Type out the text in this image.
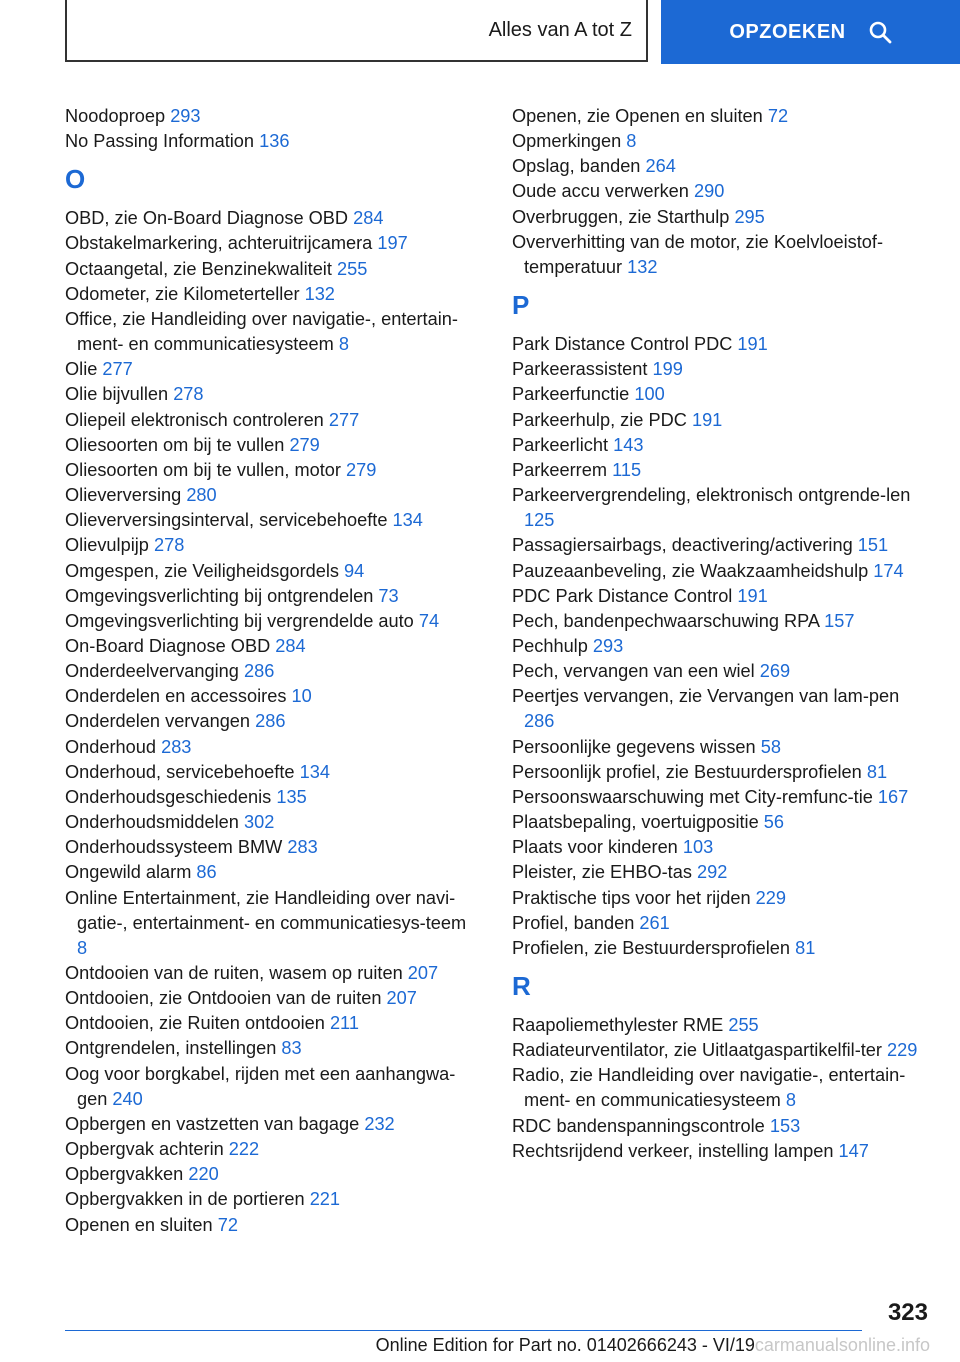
Alles van A tot Z	OPZOEKEN
Noodoproep 293
No Passing Information 136
O
OBD, zie On-Board Diagnose OBD 284
Obstakelmarkering, achteruitrijcamera 197
Octaangetal, zie Benzinekwaliteit 255
Odometer, zie Kilometerteller 132
Office, zie Handleiding over navigatie-, entertain-ment- en communicatiesysteem 8
Olie 277
Olie bijvullen 278
Oliepeil elektronisch controleren 277
Oliesoorten om bij te vullen 279
Oliesoorten om bij te vullen, motor 279
Olieverversing 280
Olieverversingsinterval, servicebehoefte 134
Olievulpijp 278
Omgespen, zie Veiligheidsgordels 94
Omgevingsverlichting bij ontgrendelen 73
Omgevingsverlichting bij vergrendelde auto 74
On-Board Diagnose OBD 284
Onderdeelvervanging 286
Onderdelen en accessoires 10
Onderdelen vervangen 286
Onderhoud 283
Onderhoud, servicebehoefte 134
Onderhoudsgeschiedenis 135
Onderhoudsmiddelen 302
Onderhoudssysteem BMW 283
Ongewild alarm 86
Online Entertainment, zie Handleiding over navi-gatie-, entertainment- en communicatiesys-teem 8
Ontdooien van de ruiten, wasem op ruiten 207
Ontdooien, zie Ontdooien van de ruiten 207
Ontdooien, zie Ruiten ontdooien 211
Ontgrendelen, instellingen 83
Oog voor borgkabel, rijden met een aanhangwa-gen 240
Opbergen en vastzetten van bagage 232
Opbergvak achterin 222
Opbergvakken 220
Opbergvakken in de portieren 221
Openen en sluiten 72
Openen, zie Openen en sluiten 72
Opmerkingen 8
Opslag, banden 264
Oude accu verwerken 290
Overbruggen, zie Starthulp 295
Oververhitting van de motor, zie Koelvloeistof-temperatuur 132
P
Park Distance Control PDC 191
Parkeerassistent 199
Parkeerfunctie 100
Parkeerhulp, zie PDC 191
Parkeerlicht 143
Parkeerrem 115
Parkeervergrendeling, elektronisch ontgrende-len 125
Passagiersairbags, deactivering/activering 151
Pauzeaanbeveling, zie Waakzaamheidshulp 174
PDC Park Distance Control 191
Pech, bandenpechwaarschuwing RPA 157
Pechhulp 293
Pech, vervangen van een wiel 269
Peertjes vervangen, zie Vervangen van lam-pen 286
Persoonlijke gegevens wissen 58
Persoonlijk profiel, zie Bestuurdersprofielen 81
Persoonswaarschuwing met City-remfunc-tie 167
Plaatsbepaling, voertuigpositie 56
Plaats voor kinderen 103
Pleister, zie EHBO-tas 292
Praktische tips voor het rijden 229
Profiel, banden 261
Profielen, zie Bestuurdersprofielen 81
R
Raapoliemethylester RME 255
Radiateurventilator, zie Uitlaatgaspartikelfil-ter 229
Radio, zie Handleiding over navigatie-, entertain-ment- en communicatiesysteem 8
RDC bandenspanningscontrole 153
Rechtsrijdend verkeer, instelling lampen 147
323
Online Edition for Part no. 01402666243 - VI/19carmanualsonline.info
